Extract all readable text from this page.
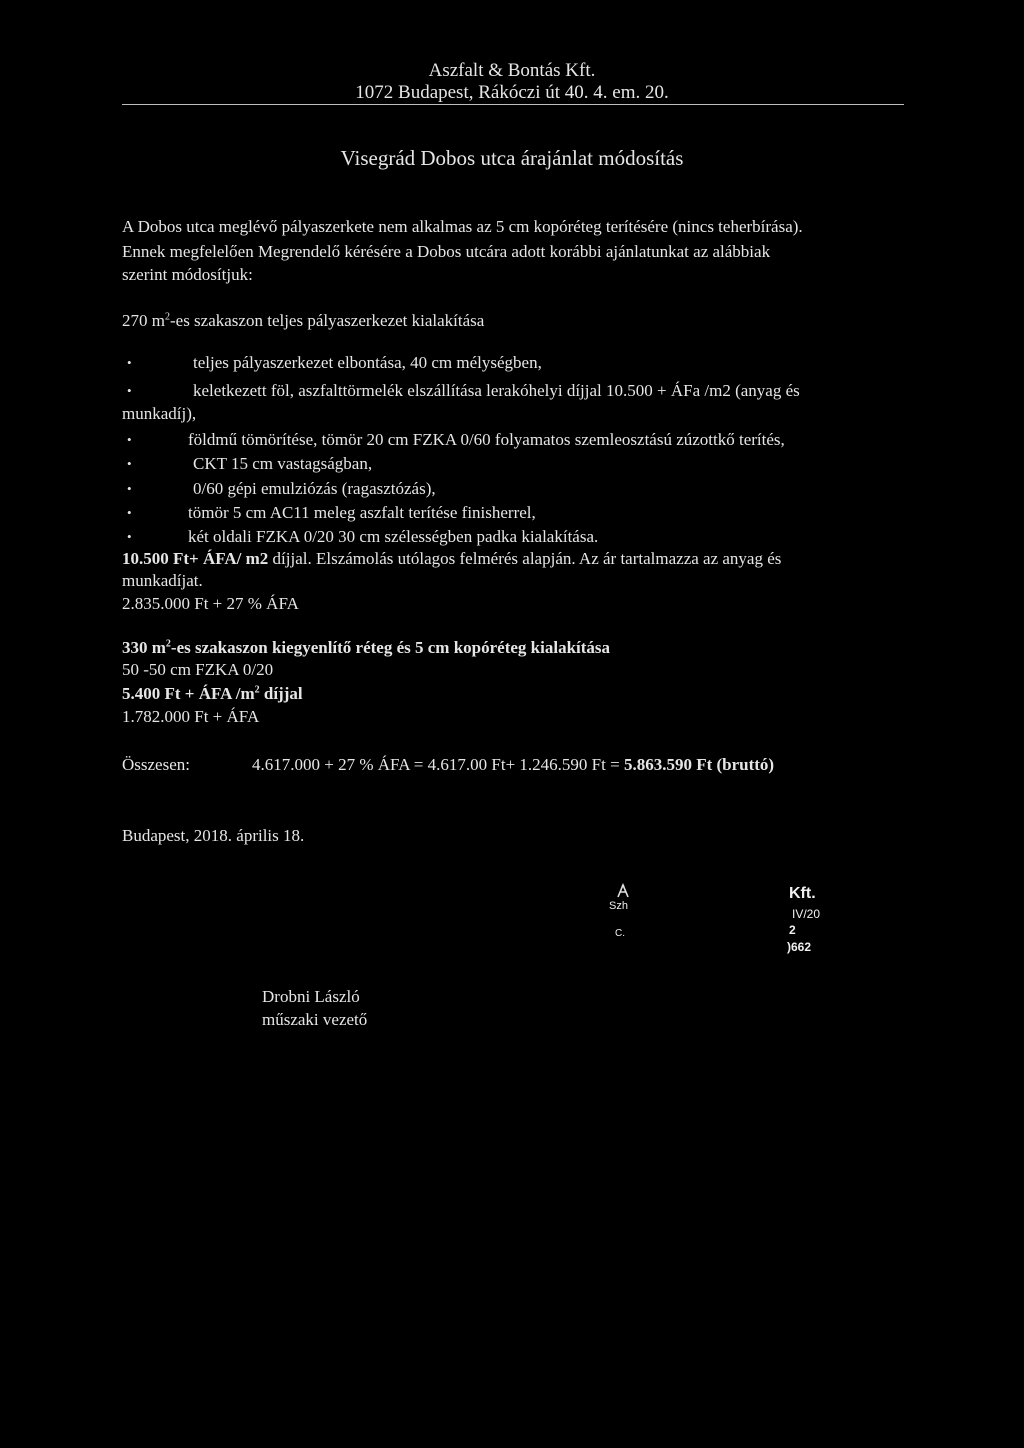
Aszfalt & Bontás Kft.
1072 Budapest, Rákóczi út 40. 4. em. 20.
Visegrád Dobos utca árajánlat módosítás
A Dobos utca meglévő pályaszerkete nem alkalmas az 5 cm kopóréteg terítésére (nincs teherbírása).
Ennek megfelelően Megrendelő kérésére a Dobos utcára adott korábbi ajánlatunkat az alábbiak
szerint módosítjuk:
270 $m^2-es$ szakaszon teljes pályaszerkezet kialakítása
•	teljes pályaszerkezet elbontása, 40 cm mélységben,
•	keletkezett föl, aszfalttörmelék elszállítása lerakóhelyi díjjal 10.500 + ÁFa /m2 (anyag és
munkadíj),
•	földmű tömörítése, tömör 20 cm FZKA 0/60 folyamatos szemleosztású zúzottkő terítés,
•	CKT 15 cm vastagságban,
•	0/60 gépi emulziózás (ragasztózás),
•	tömör 5 cm AC11 meleg aszfalt terítése finisherrel,
•	két oldali FZKA 0/20 30 cm szélességben padka kialakítása.
10.500 Ft+ ÁFA/ m2 díjjal. Elszámolás utólagos felmérés alapján. Az ár tartalmazza az anyag és
munkadíjat.
2.835.000 Ft + 27 % ÁFA
330 $m^2-es$ szakaszon kiegyenlítő réteg és 5 cm kopóréteg kialakítása
50 -50 cm FZKA 0/20
5.400 Ft + ÁFA $/m^2$ díjjal
1.782.000 Ft + ÁFA
Összesen:	4.617.000 + 27 % ÁFA = 4.617.00 Ft+ 1.246.590 Ft = 5.863.590 Ft (bruttó)
Budapest, 2018. április 18.
Szh
C.
Kft.
IV/20
2
)662
Drobni László
műszaki vezető
